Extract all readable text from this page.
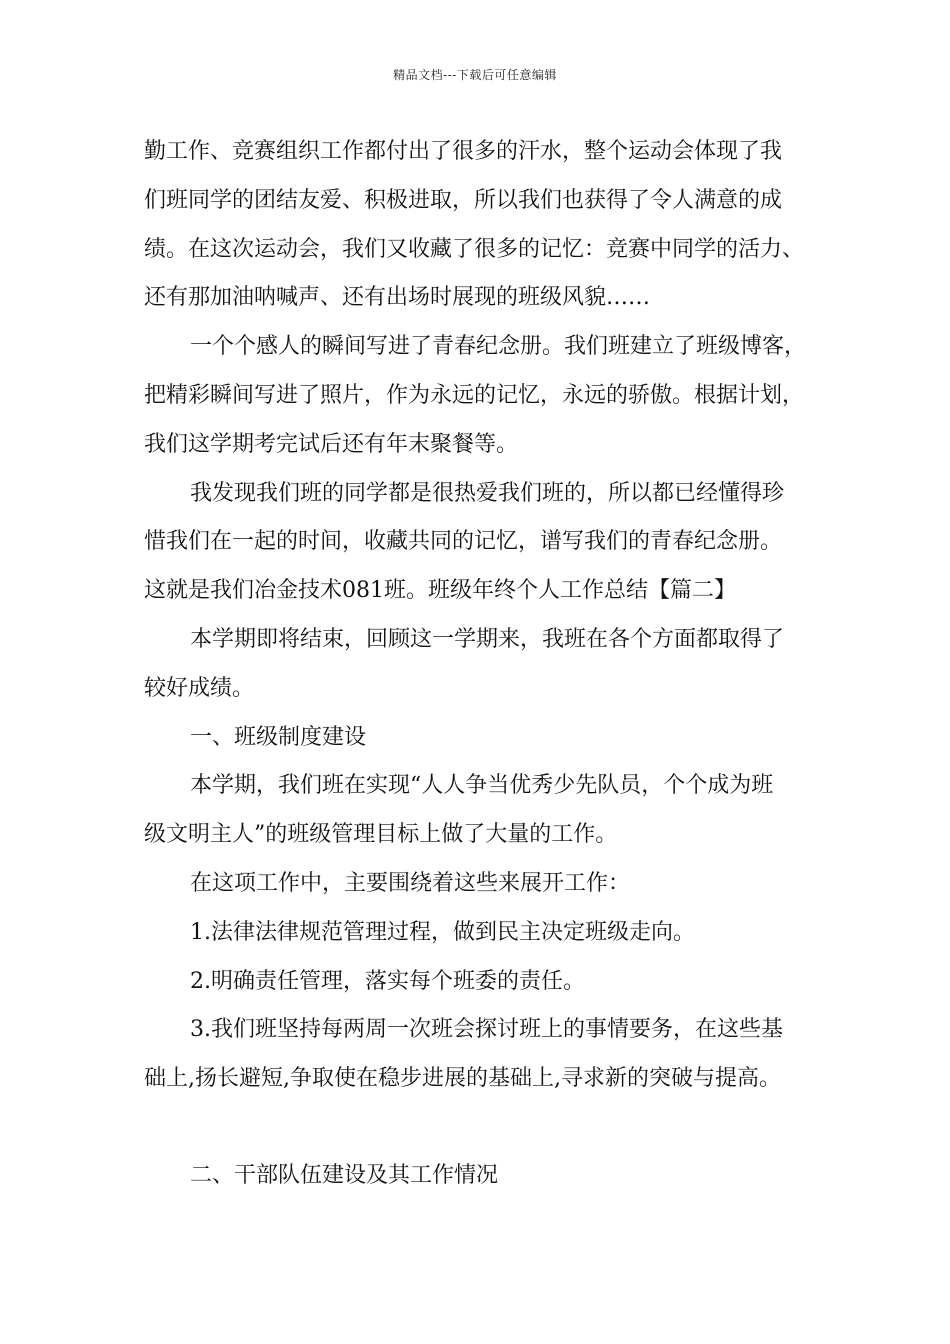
精品文档---下载后可任意编辑
勤工作、竞赛组织工作都付出了很多的汗水，整个运动会体现了我
们班同学的团结友爱、积极进取，所以我们也获得了令人满意的成
绩。在这次运动会，我们又收藏了很多的记忆：竞赛中同学的活力、
还有那加油呐喊声、还有出场时展现的班级风貌……
一个个感人的瞬间写进了青春纪念册。我们班建立了班级博客，
把精彩瞬间写进了照片，作为永远的记忆，永远的骄傲。根据计划，
我们这学期考完试后还有年末聚餐等。
我发现我们班的同学都是很热爱我们班的，所以都已经懂得珍
惜我们在一起的时间，收藏共同的记忆，谱写我们的青春纪念册。
这就是我们冶金技术081班。班级年终个人工作总结【篇二】
本学期即将结束，回顾这一学期来，我班在各个方面都取得了
较好成绩。
一、班级制度建设
本学期，我们班在实现“人人争当优秀少先队员，个个成为班
级文明主人”的班级管理目标上做了大量的工作。
在这项工作中，主要围绕着这些来展开工作：
1.法律法律规范管理过程，做到民主决定班级走向。
2.明确责任管理，落实每个班委的责任。
3.我们班坚持每两周一次班会探讨班上的事情要务，在这些基
础上,扬长避短,争取使在稳步进展的基础上,寻求新的突破与提高。
二、干部队伍建设及其工作情况
